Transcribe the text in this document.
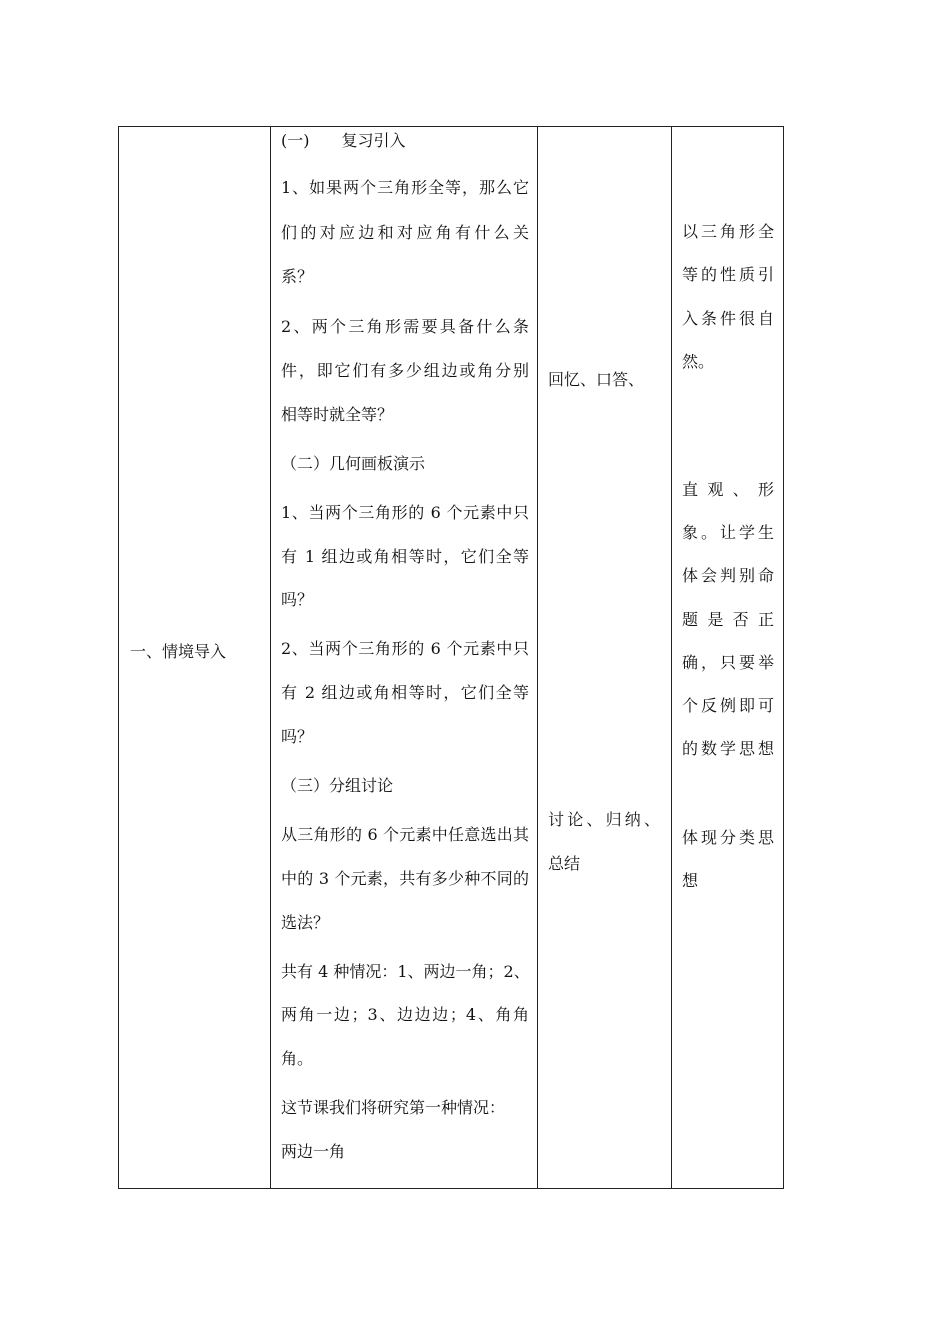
一、情境导入
(一)　　复习引入
1、如果两个三角形全等，那么它
们的对应边和对应角有什么关
系？
2、两个三角形需要具备什么条
件，即它们有多少组边或角分别
相等时就全等？
（二）几何画板演示
1、当两个三角形的 6 个元素中只
有 1 组边或角相等时，它们全等
吗？
2、当两个三角形的 6 个元素中只
有 2 组边或角相等时，它们全等
吗？
（三）分组讨论
从三角形的 6 个元素中任意选出其
中的 3 个元素，共有多少种不同的
选法？
共有 4 种情况：1、两边一角；2、
两角一边；3、边边边；4、角角
角。
这节课我们将研究第一种情况：
两边一角
回忆、口答、
讨论、归纳、
总结
以三角形全
等的性质引
入条件很自
然。
直观、形
象。让学生
体会判别命
题是否正
确，只要举
个反例即可
的数学思想
体现分类思
想
